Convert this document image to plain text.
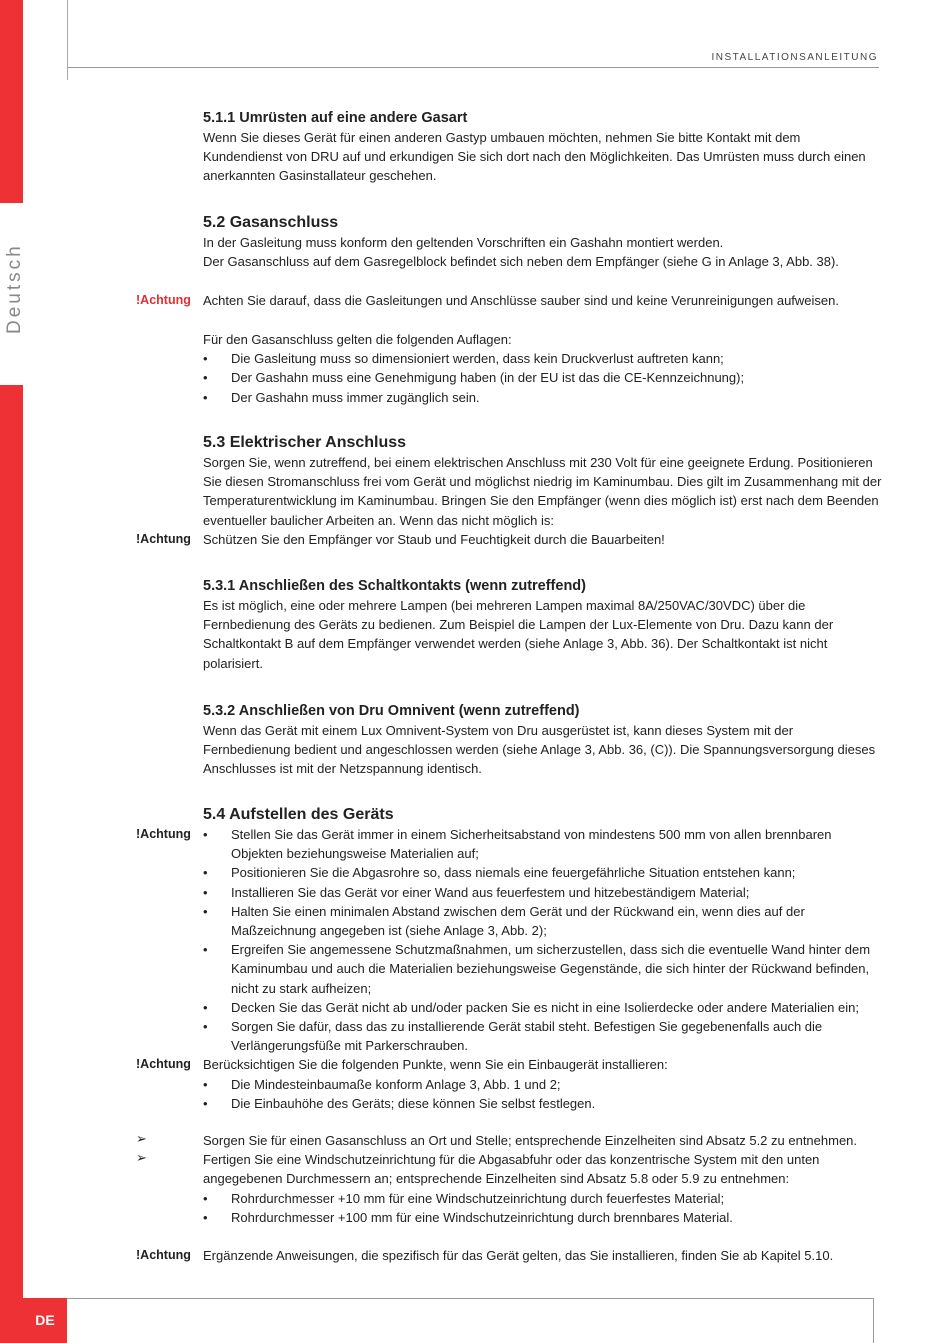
Deutsch
INSTALLATIONSANLEITUNG
5.1.1 Umrüsten auf eine andere Gasart

Wenn Sie dieses Gerät für einen anderen Gastyp umbauen möchten, nehmen Sie bitte Kontakt mit dem Kundendienst von DRU auf und erkundigen Sie sich dort nach den Möglichkeiten. Das Umrüsten muss durch einen anerkannten Gasinstallateur geschehen.

5.2 Gasanschluss

In der Gasleitung muss konform den geltenden Vorschriften ein Gashahn montiert werden.

Der Gasanschluss auf dem Gasregelblock befindet sich neben dem Empfänger (siehe G in Anlage 3, Abb. 38).

!Achtung Achten Sie darauf, dass die Gasleitungen und Anschlüsse sauber sind und keine Verunreinigungen aufweisen.

Für den Gasanschluss gelten die folgenden Auflagen:

• Die Gasleitung muss so dimensioniert werden, dass kein Druckverlust auftreten kann;
• Der Gashahn muss eine Genehmigung haben (in der EU ist das die CE-Kennzeichnung);
• Der Gashahn muss immer zugänglich sein.
5.3 Elektrischer Anschluss

Sorgen Sie, wenn zutreffend, bei einem elektrischen Anschluss mit 230 Volt für eine geeignete Erdung. Positionieren Sie diesen Stromanschluss frei vom Gerät und möglichst niedrig im Kaminumbau. Dies gilt im Zusammenhang mit der Temperaturentwicklung im Kaminumbau. Bringen Sie den Empfänger (wenn dies möglich ist) erst nach dem Beenden eventueller baulicher Arbeiten an. Wenn das nicht möglich is:

Schützen Sie den Empfänger vor Staub und Feuchtigkeit durch die Bauarbeiten!

!Achtung
5.3.1 Anschließen des Schaltkontakts (wenn zutreffend)

Es ist möglich, eine oder mehrere Lampen (bei mehreren Lampen maximal 8A/250VAC/30VDC) über die Fernbedienung des Geräts zu bedienen. Zum Beispiel die Lampen der Lux-Elemente von Dru. Dazu kann der Schaltkontakt B auf dem Empfänger verwendet werden (siehe Anlage 3, Abb. 36). Der Schaltkontakt ist nicht polarisiert.

5.3.2 Anschließen von Dru Omnivent (wenn zutreffend)

Wenn das Gerät mit einem Lux Omnivent-System von Dru ausgerüstet ist, kann dieses System mit der Fernbedienung bedient und angeschlossen werden (siehe Anlage 3, Abb. 36, (C)). Die Spannungsversorgung dieses Anschlusses ist mit der Netzspannung identisch.

5.4 Aufstellen des Geräts
• Stellen Sie das Gerät immer in einem Sicherheitsabstand von mindestens 500 mm von allen brennbaren Objekten beziehungsweise Materialien auf;
• Positionieren Sie die Abgasrohre so, dass niemals eine feuergefährliche Situation entstehen kann;
• Installieren Sie das Gerät vor einer Wand aus feuerfestem und hitzebeständigem Material;
• Halten Sie einen minimalen Abstand zwischen dem Gerät und der Rückwand ein, wenn dies auf der Maßzeichnung angegeben ist (siehe Anlage 3, Abb. 2);
• Ergreifen Sie angemessene Schutzmaßnahmen, um sicherzustellen, dass sich die eventuelle Wand hinter dem Kaminumbau und auch die Materialien beziehungsweise Gegenstände, die sich hinter der Rückwand befinden, nicht zu stark aufheizen;
• Decken Sie das Gerät nicht ab und/oder packen Sie es nicht in eine Isolierdecke oder andere Materialien ein;
• Sorgen Sie dafür, dass das zu installierende Gerät stabil steht. Befestigen Sie gegebenenfalls auch die Verlängerungsfüße mit Parkerschrauben.

Berücksichtigen Sie die folgenden Punkte, wenn Sie ein Einbaugerät installieren:

• Die Mindesteinbaumaße konform Anlage 3, Abb. 1 und 2;
• Die Einbauhöhe des Geräts; diese können Sie selbst festlegen.
!Achtung
!Achtung
➢
➢

Sorgen Sie für einen Gasanschluss an Ort und Stelle; entsprechende Einzelheiten sind Absatz 5.2 zu entnehmen.

Fertigen Sie eine Windschutzeinrichtung für die Abgasabfuhr oder das konzentrische System mit den unten angegebenen Durchmessern an; entsprechende Einzelheiten sind Absatz 5.8 oder 5.9 zu entnehmen:

• Rohrdurchmesser +10 mm für eine Windschutzeinrichtung durch feuerfestes Material;
• Rohrdurchmesser +100 mm für eine Windschutzeinrichtung durch brennbares Material.
!Achtung Ergänzende Anweisungen, die spezifisch für das Gerät gelten, das Sie installieren, finden Sie ab Kapitel 5.10.

DE
